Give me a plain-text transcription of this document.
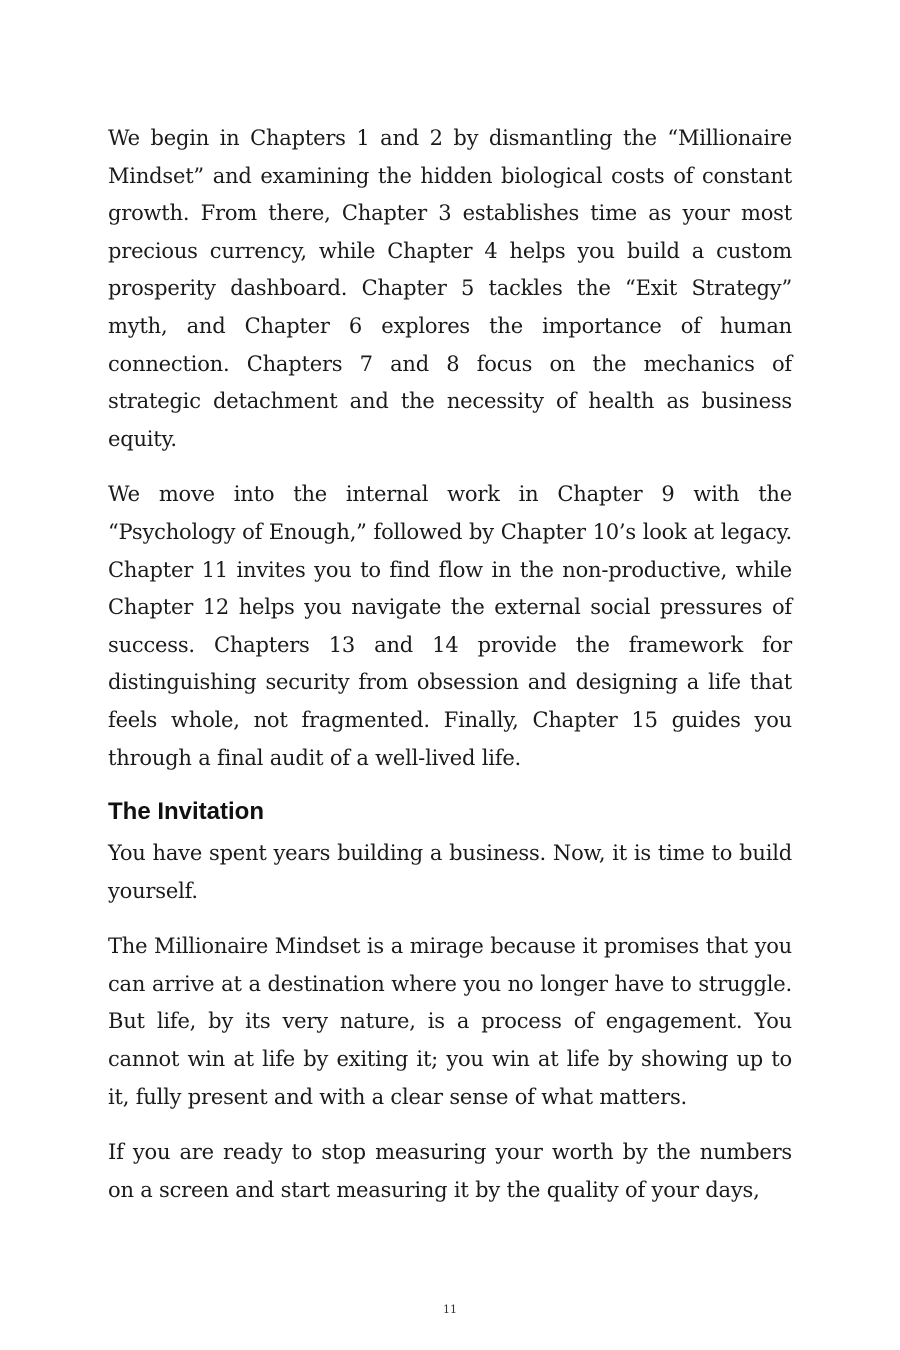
We begin in Chapters 1 and 2 by dismantling the “Millionaire Mindset” and examining the hidden biological costs of constant growth. From there, Chapter 3 establishes time as your most precious currency, while Chapter 4 helps you build a custom prosperity dashboard. Chapter 5 tackles the “Exit Strategy” myth, and Chapter 6 explores the importance of human connection. Chapters 7 and 8 focus on the mechanics of strategic detachment and the necessity of health as business equity.

We move into the internal work in Chapter 9 with the “Psychology of Enough,” followed by Chapter 10’s look at legacy. Chapter 11 invites you to find flow in the non-productive, while Chapter 12 helps you navigate the external social pressures of success. Chapters 13 and 14 provide the framework for distinguishing security from obsession and designing a life that feels whole, not fragmented. Finally, Chapter 15 guides you through a final audit of a well-lived life.

The Invitation

You have spent years building a business. Now, it is time to build yourself.

The Millionaire Mindset is a mirage because it promises that you can arrive at a destination where you no longer have to struggle. But life, by its very nature, is a process of engagement. You cannot win at life by exiting it; you win at life by showing up to it, fully present and with a clear sense of what matters.

If you are ready to stop measuring your worth by the numbers on a screen and start measuring it by the quality of your days,

11
